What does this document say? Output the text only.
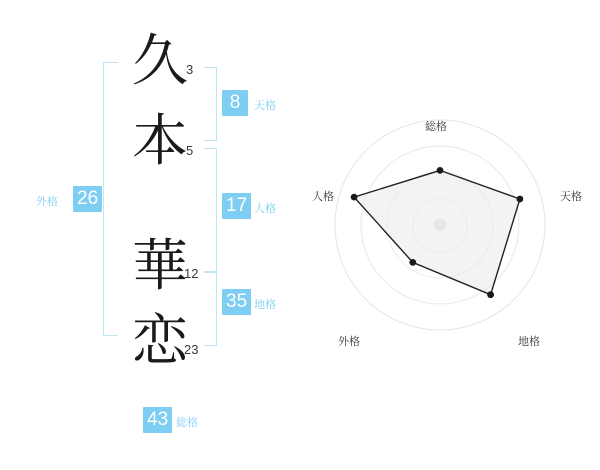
外格 26
久
3
本
5
華
12
恋
23
8	天格
17 人格
35 地格
43 総格
総格
天格
地格
外格
人格
